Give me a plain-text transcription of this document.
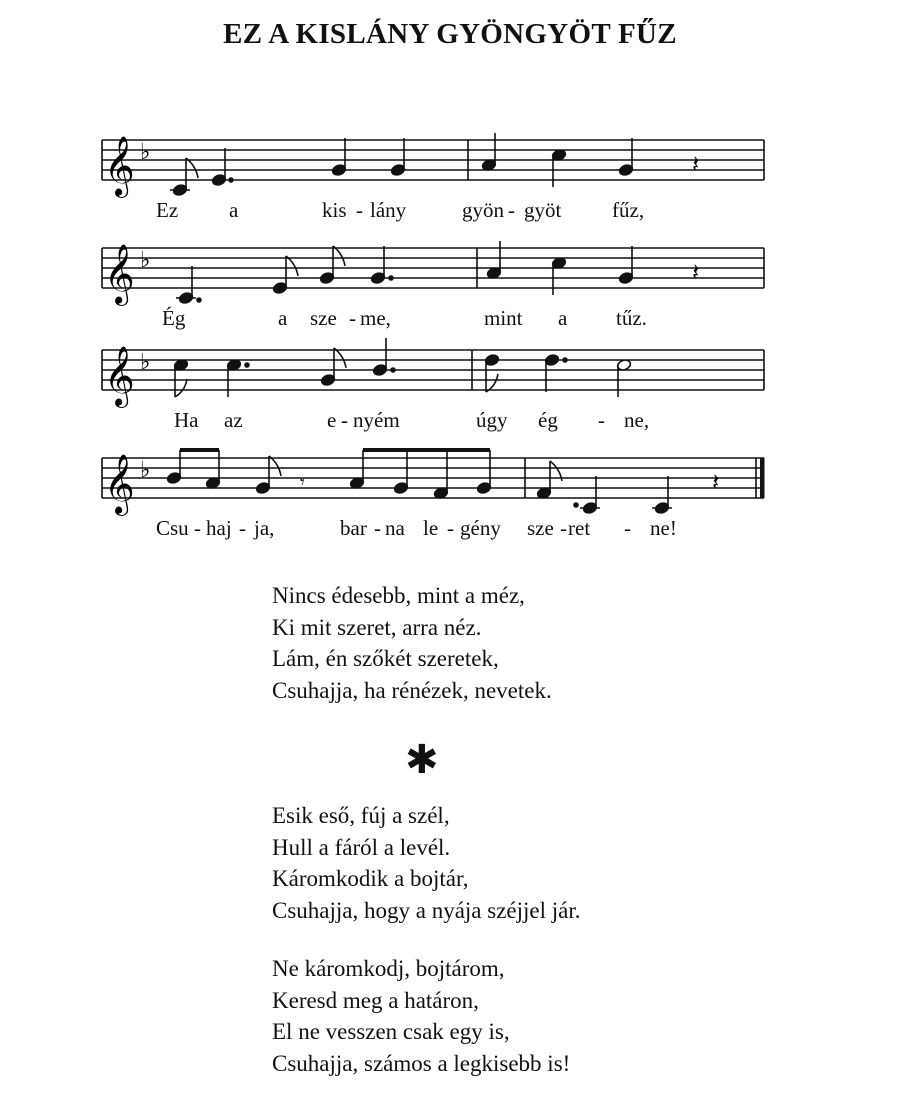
EZ A KISLÁNY GYÖNGYÖT FŰZ
𝄞 ♭	𝄽
Ez a	kis - lány	gyön - gyöt fűz,
𝄞 ♭	𝄽
Ég	a sze - me,	mint a tűz.
𝄞 ♭
Ha az	e - nyém	úgy ég - ne,
𝄞 ♭	𝄾	𝄽
Csu - haj - ja,	bar - na le - gény sze - ret - ne!
Nincs édesebb, mint a méz,
Ki mit szeret, arra néz.
Lám, én szőkét szeretek,
Csuhajja, ha rénézek, nevetek.
✱
Esik eső, fúj a szél,
Hull a fáról a levél.
Káromkodik a bojtár,
Csuhajja, hogy a nyája széjjel jár.
Ne káromkodj, bojtárom,
Keresd meg a határon,
El ne vesszen csak egy is,
Csuhajja, számos a legkisebb is!
